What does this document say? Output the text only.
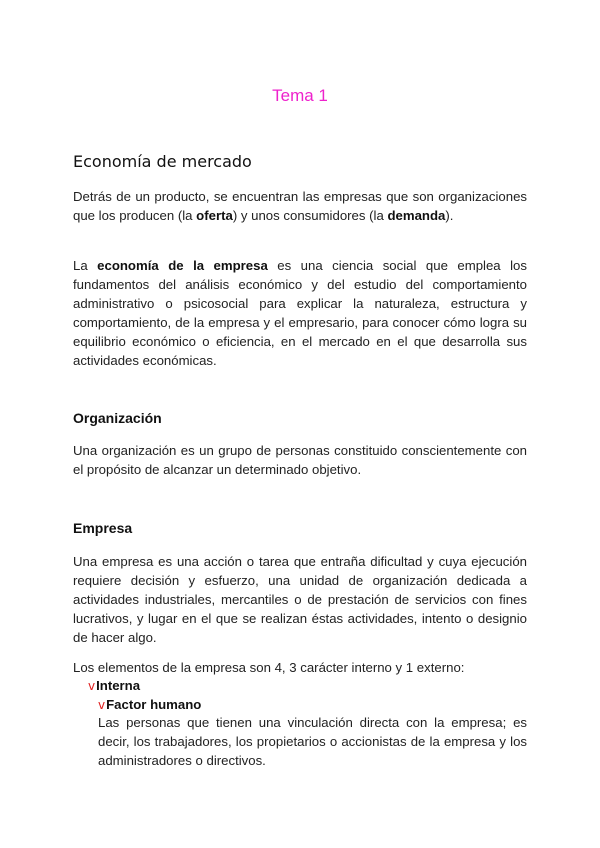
Tema 1
Economía de mercado

Detrás de un producto, se encuentran las empresas que son organizaciones que los producen (la oferta) y unos consumidores (la demanda).

La economía de la empresa es una ciencia social que emplea los fundamentos del análisis económico y del estudio del comportamiento administrativo o psicosocial para explicar la naturaleza, estructura y comportamiento, de la empresa y el empresario, para conocer cómo logra su equilibrio económico o eficiencia, en el mercado en el que desarrolla sus actividades económicas.

Organización

Una organización es un grupo de personas constituido conscientemente con el propósito de alcanzar un determinado objetivo.

Empresa

Una empresa es una acción o tarea que entraña dificultad y cuya ejecución requiere decisión y esfuerzo, una unidad de organización dedicada a actividades industriales, mercantiles o de prestación de servicios con fines lucrativos, y lugar en el que se realizan éstas actividades, intento o designio de hacer algo.

Los elementos de la empresa son 4, 3 carácter interno y 1 externo:

vInterna
vFactor humano

Las personas que tienen una vinculación directa con la empresa; es decir, los trabajadores, los propietarios o accionistas de la empresa y los administradores o directivos.
